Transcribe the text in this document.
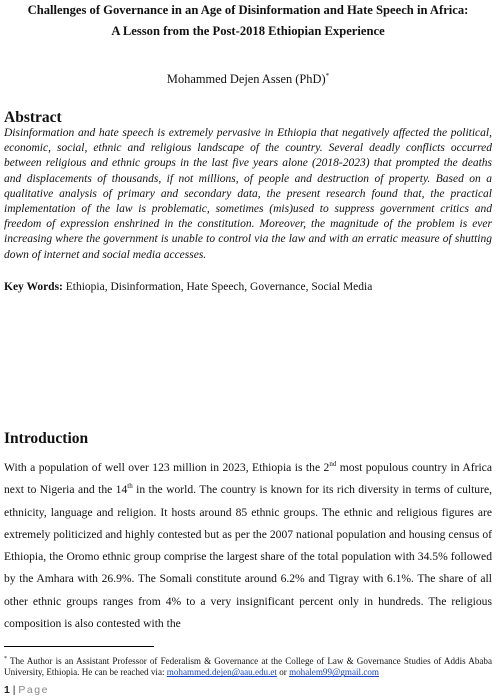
Challenges of Governance in an Age of Disinformation and Hate Speech in Africa:
A Lesson from the Post-2018 Ethiopian Experience
Mohammed Dejen Assen (PhD)*
Abstract
Disinformation and hate speech is extremely pervasive in Ethiopia that negatively affected the political, economic, social, ethnic and religious landscape of the country. Several deadly conflicts occurred between religious and ethnic groups in the last five years alone (2018-2023) that prompted the deaths and displacements of thousands, if not millions, of people and destruction of property. Based on a qualitative analysis of primary and secondary data, the present research found that, the practical implementation of the law is problematic, sometimes (mis)used to suppress government critics and freedom of expression enshrined in the constitution. Moreover, the magnitude of the problem is ever increasing where the government is unable to control via the law and with an erratic measure of shutting down of internet and social media accesses.
Key Words: Ethiopia, Disinformation, Hate Speech, Governance, Social Media
Introduction
With a population of well over 123 million in 2023, Ethiopia is the 2nd most populous country in Africa next to Nigeria and the 14th in the world. The country is known for its rich diversity in terms of culture, ethnicity, language and religion. It hosts around 85 ethnic groups. The ethnic and religious figures are extremely politicized and highly contested but as per the 2007 national population and housing census of Ethiopia, the Oromo ethnic group comprise the largest share of the total population with 34.5% followed by the Amhara with 26.9%. The Somali constitute around 6.2% and Tigray with 6.1%. The share of all other ethnic groups ranges from 4% to a very insignificant percent only in hundreds. The religious composition is also contested with the
* The Author is an Assistant Professor of Federalism & Governance at the College of Law & Governance Studies of Addis Ababa University, Ethiopia. He can be reached via: mohammed.dejen@aau.edu.et or mohalem99@gmail.com
1 | Page
